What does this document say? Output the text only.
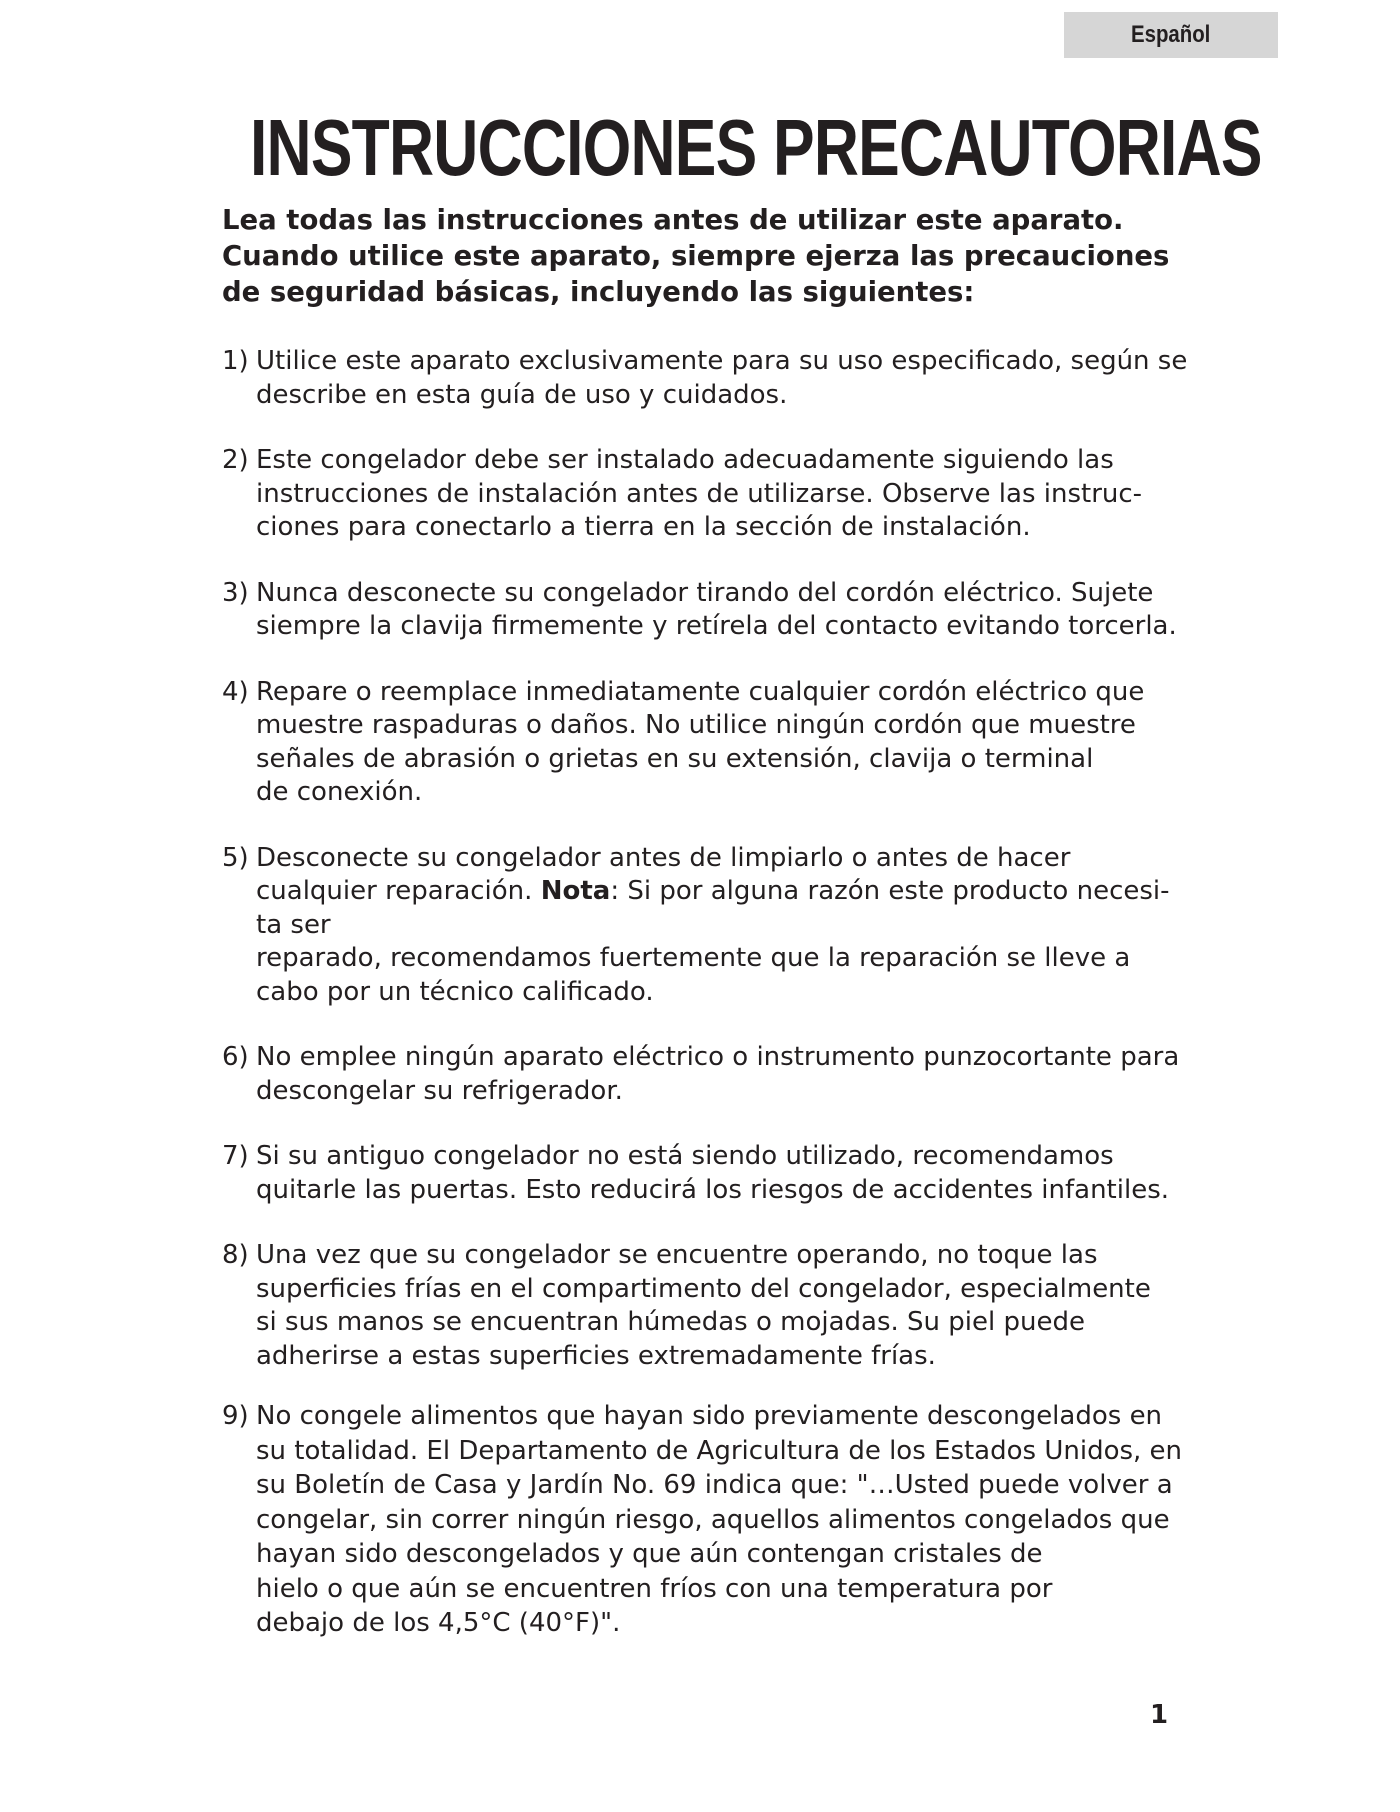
Español
INSTRUCCIONES PRECAUTORIAS
Lea todas las instrucciones antes de utilizar este aparato.
Cuando utilice este aparato, siempre ejerza las precauciones
de seguridad básicas, incluyendo las siguientes:
1) Utilice este aparato exclusivamente para su uso especificado, según se
describe en esta guía de uso y cuidados.
2) Este congelador debe ser instalado adecuadamente siguiendo las
instrucciones de instalación antes de utilizarse. Observe las instruc-
ciones para conectarlo a tierra en la sección de instalación.
3) Nunca desconecte su congelador tirando del cordón eléctrico. Sujete
siempre la clavija firmemente y retírela del contacto evitando torcerla.
4) Repare o reemplace inmediatamente cualquier cordón eléctrico que
muestre raspaduras o daños. No utilice ningún cordón que muestre
señales de abrasión o grietas en su extensión, clavija o terminal
de conexión.
5) Desconecte su congelador antes de limpiarlo o antes de hacer
cualquier reparación. Nota: Si por alguna razón este producto necesi-
ta ser
reparado, recomendamos fuertemente que la reparación se lleve a
cabo por un técnico calificado.
6) No emplee ningún aparato eléctrico o instrumento punzocortante para
descongelar su refrigerador.
7) Si su antiguo congelador no está siendo utilizado, recomendamos
quitarle las puertas. Esto reducirá los riesgos de accidentes infantiles.
8) Una vez que su congelador se encuentre operando, no toque las
superficies frías en el compartimento del congelador, especialmente
si sus manos se encuentran húmedas o mojadas. Su piel puede
adherirse a estas superficies extremadamente frías.
9) No congele alimentos que hayan sido previamente descongelados en
su totalidad. El Departamento de Agricultura de los Estados Unidos, en
su Boletín de Casa y Jardín No. 69 indica que: "…Usted puede volver a
congelar, sin correr ningún riesgo, aquellos alimentos congelados que
hayan sido descongelados y que aún contengan cristales de
hielo o que aún se encuentren fríos con una temperatura por
debajo de los 4,5°C (40°F)".
1
